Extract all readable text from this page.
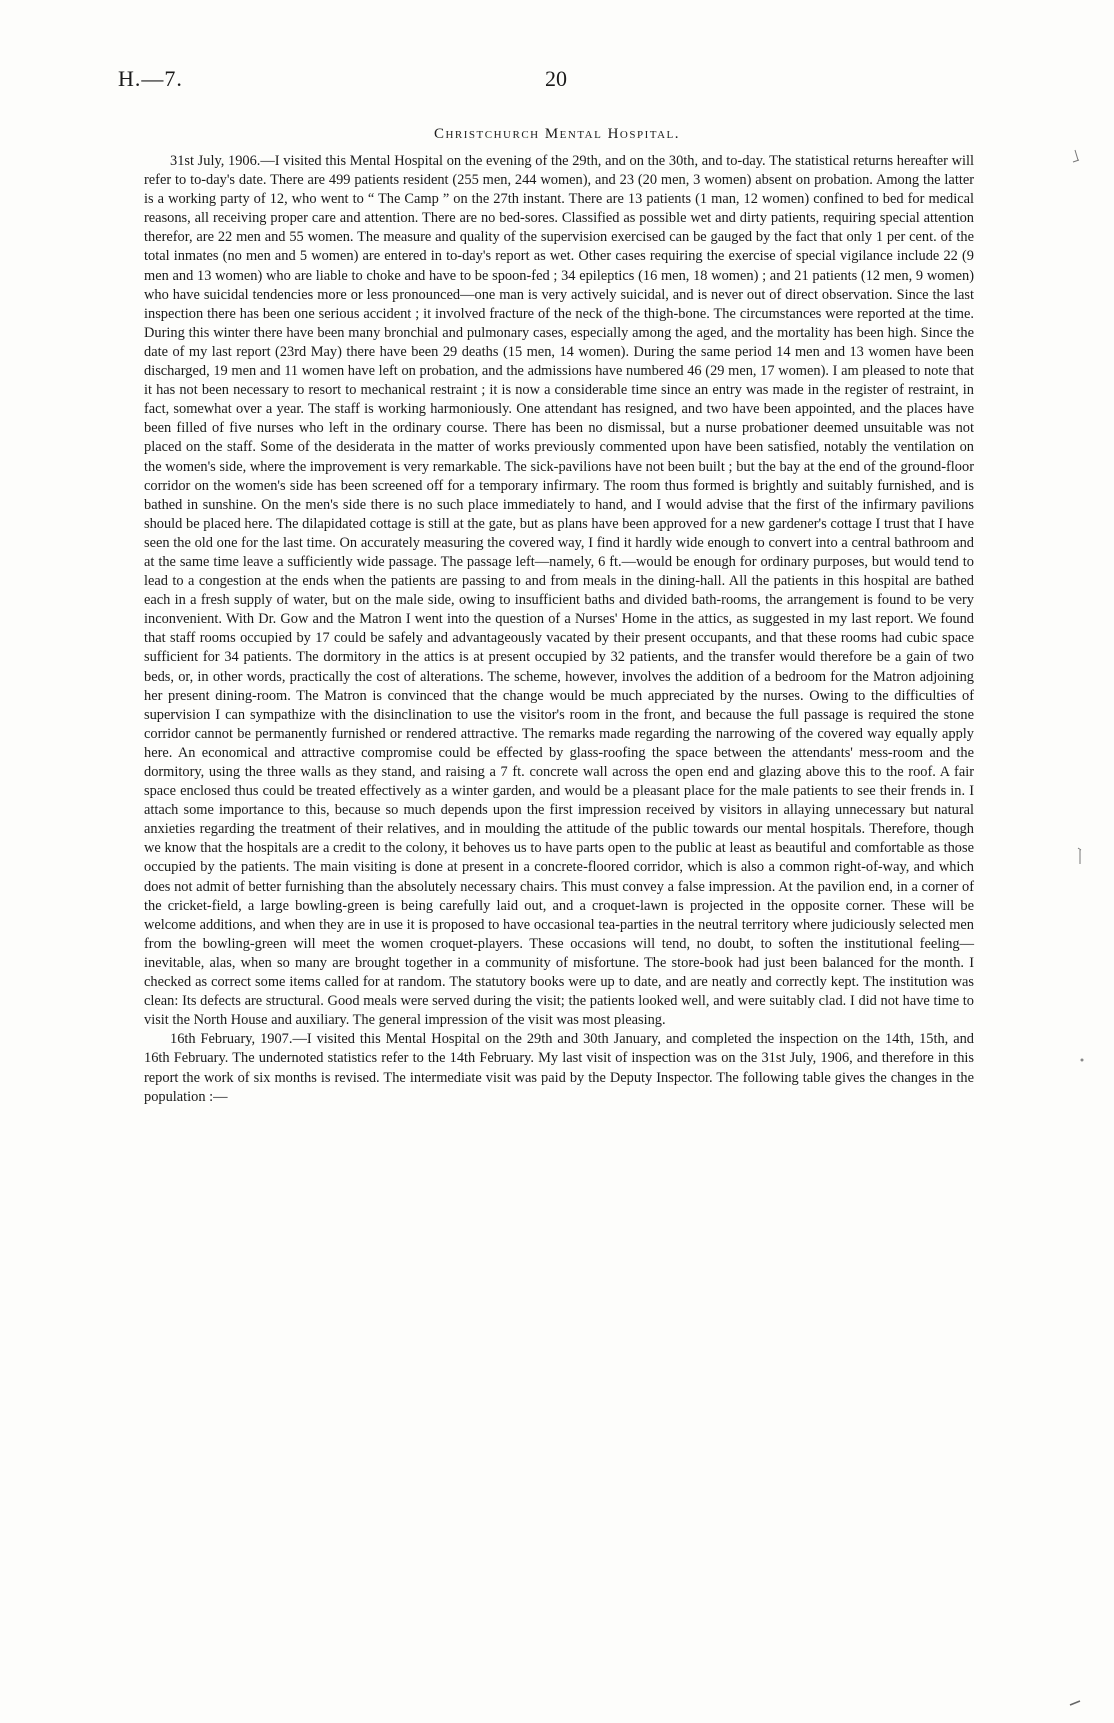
H.—7.	20
Christchurch Mental Hospital.

31st July, 1906.—I visited this Mental Hospital on the evening of the 29th, and on the 30th, and to-day. The statistical returns hereafter will refer to to-day's date. There are 499 patients resident (255 men, 244 women), and 23 (20 men, 3 women) absent on probation. Among the latter is a working party of 12, who went to “ The Camp ” on the 27th instant. There are 13 patients (1 man, 12 women) confined to bed for medical reasons, all receiving proper care and attention. There are no bed-sores. Classified as possible wet and dirty patients, requiring special attention therefor, are 22 men and 55 women. The measure and quality of the supervision exercised can be gauged by the fact that only 1 per cent. of the total inmates (no men and 5 women) are entered in to-day's report as wet. Other cases requiring the exercise of special vigilance include 22 (9 men and 13 women) who are liable to choke and have to be spoon-fed ; 34 epileptics (16 men, 18 women) ; and 21 patients (12 men, 9 women) who have suicidal tendencies more or less pronounced—one man is very actively suicidal, and is never out of direct observation. Since the last inspection there has been one serious accident ; it involved fracture of the neck of the thigh-bone. The circumstances were reported at the time. During this winter there have been many bronchial and pulmonary cases, especially among the aged, and the mortality has been high. Since the date of my last report (23rd May) there have been 29 deaths (15 men, 14 women). During the same period 14 men and 13 women have been discharged, 19 men and 11 women have left on probation, and the admissions have numbered 46 (29 men, 17 women). I am pleased to note that it has not been necessary to resort to mechanical restraint ; it is now a considerable time since an entry was made in the register of restraint, in fact, somewhat over a year. The staff is working harmoniously. One attendant has resigned, and two have been appointed, and the places have been filled of five nurses who left in the ordinary course. There has been no dismissal, but a nurse probationer deemed unsuitable was not placed on the staff. Some of the desiderata in the matter of works previously commented upon have been satisfied, notably the ventilation on the women's side, where the improvement is very remarkable. The sick-pavilions have not been built ; but the bay at the end of the ground-floor corridor on the women's side has been screened off for a temporary infirmary. The room thus formed is brightly and suitably furnished, and is bathed in sunshine. On the men's side there is no such place immediately to hand, and I would advise that the first of the infirmary pavilions should be placed here. The dilapidated cottage is still at the gate, but as plans have been approved for a new gardener's cottage I trust that I have seen the old one for the last time. On accurately measuring the covered way, I find it hardly wide enough to convert into a central bathroom and at the same time leave a sufficiently wide passage. The passage left—namely, 6 ft.—would be enough for ordinary purposes, but would tend to lead to a congestion at the ends when the patients are passing to and from meals in the dining-hall. All the patients in this hospital are bathed each in a fresh supply of water, but on the male side, owing to insufficient baths and divided bath-rooms, the arrangement is found to be very inconvenient. With Dr. Gow and the Matron I went into the question of a Nurses' Home in the attics, as suggested in my last report. We found that staff rooms occupied by 17 could be safely and advantageously vacated by their present occupants, and that these rooms had cubic space sufficient for 34 patients. The dormitory in the attics is at present occupied by 32 patients, and the transfer would therefore be a gain of two beds, or, in other words, practically the cost of alterations. The scheme, however, involves the addition of a bedroom for the Matron adjoining her present dining-room. The Matron is convinced that the change would be much appreciated by the nurses. Owing to the difficulties of supervision I can sympathize with the disinclination to use the visitor's room in the front, and because the full passage is required the stone corridor cannot be permanently furnished or rendered attractive. The remarks made regarding the narrowing of the covered way equally apply here. An economical and attractive compromise could be effected by glass-roofing the space between the attendants' mess-room and the dormitory, using the three walls as they stand, and raising a 7 ft. concrete wall across the open end and glazing above this to the roof. A fair space enclosed thus could be treated effectively as a winter garden, and would be a pleasant place for the male patients to see their frends in. I attach some importance to this, because so much depends upon the first impression received by visitors in allaying unnecessary but natural anxieties regarding the treatment of their relatives, and in moulding the attitude of the public towards our mental hospitals. Therefore, though we know that the hospitals are a credit to the colony, it behoves us to have parts open to the public at least as beautiful and comfortable as those occupied by the patients. The main visiting is done at present in a concrete-floored corridor, which is also a common right-of-way, and which does not admit of better furnishing than the absolutely necessary chairs. This must convey a false impression. At the pavilion end, in a corner of the cricket-field, a large bowling-green is being carefully laid out, and a croquet-lawn is projected in the opposite corner. These will be welcome additions, and when they are in use it is proposed to have occasional tea-parties in the neutral territory where judiciously selected men from the bowling-green will meet the women croquet-players. These occasions will tend, no doubt, to soften the institutional feeling—inevitable, alas, when so many are brought together in a community of misfortune. The store-book had just been balanced for the month. I checked as correct some items called for at random. The statutory books were up to date, and are neatly and correctly kept. The institution was clean: Its defects are structural. Good meals were served during the visit; the patients looked well, and were suitably clad. I did not have time to visit the North House and auxiliary. The general impression of the visit was most pleasing.

16th February, 1907.—I visited this Mental Hospital on the 29th and 30th January, and completed the inspection on the 14th, 15th, and 16th February. The undernoted statistics refer to the 14th February. My last visit of inspection was on the 31st July, 1906, and therefore in this report the work of six months is revised. The intermediate visit was paid by the Deputy Inspector. The following table gives the changes in the population :—
